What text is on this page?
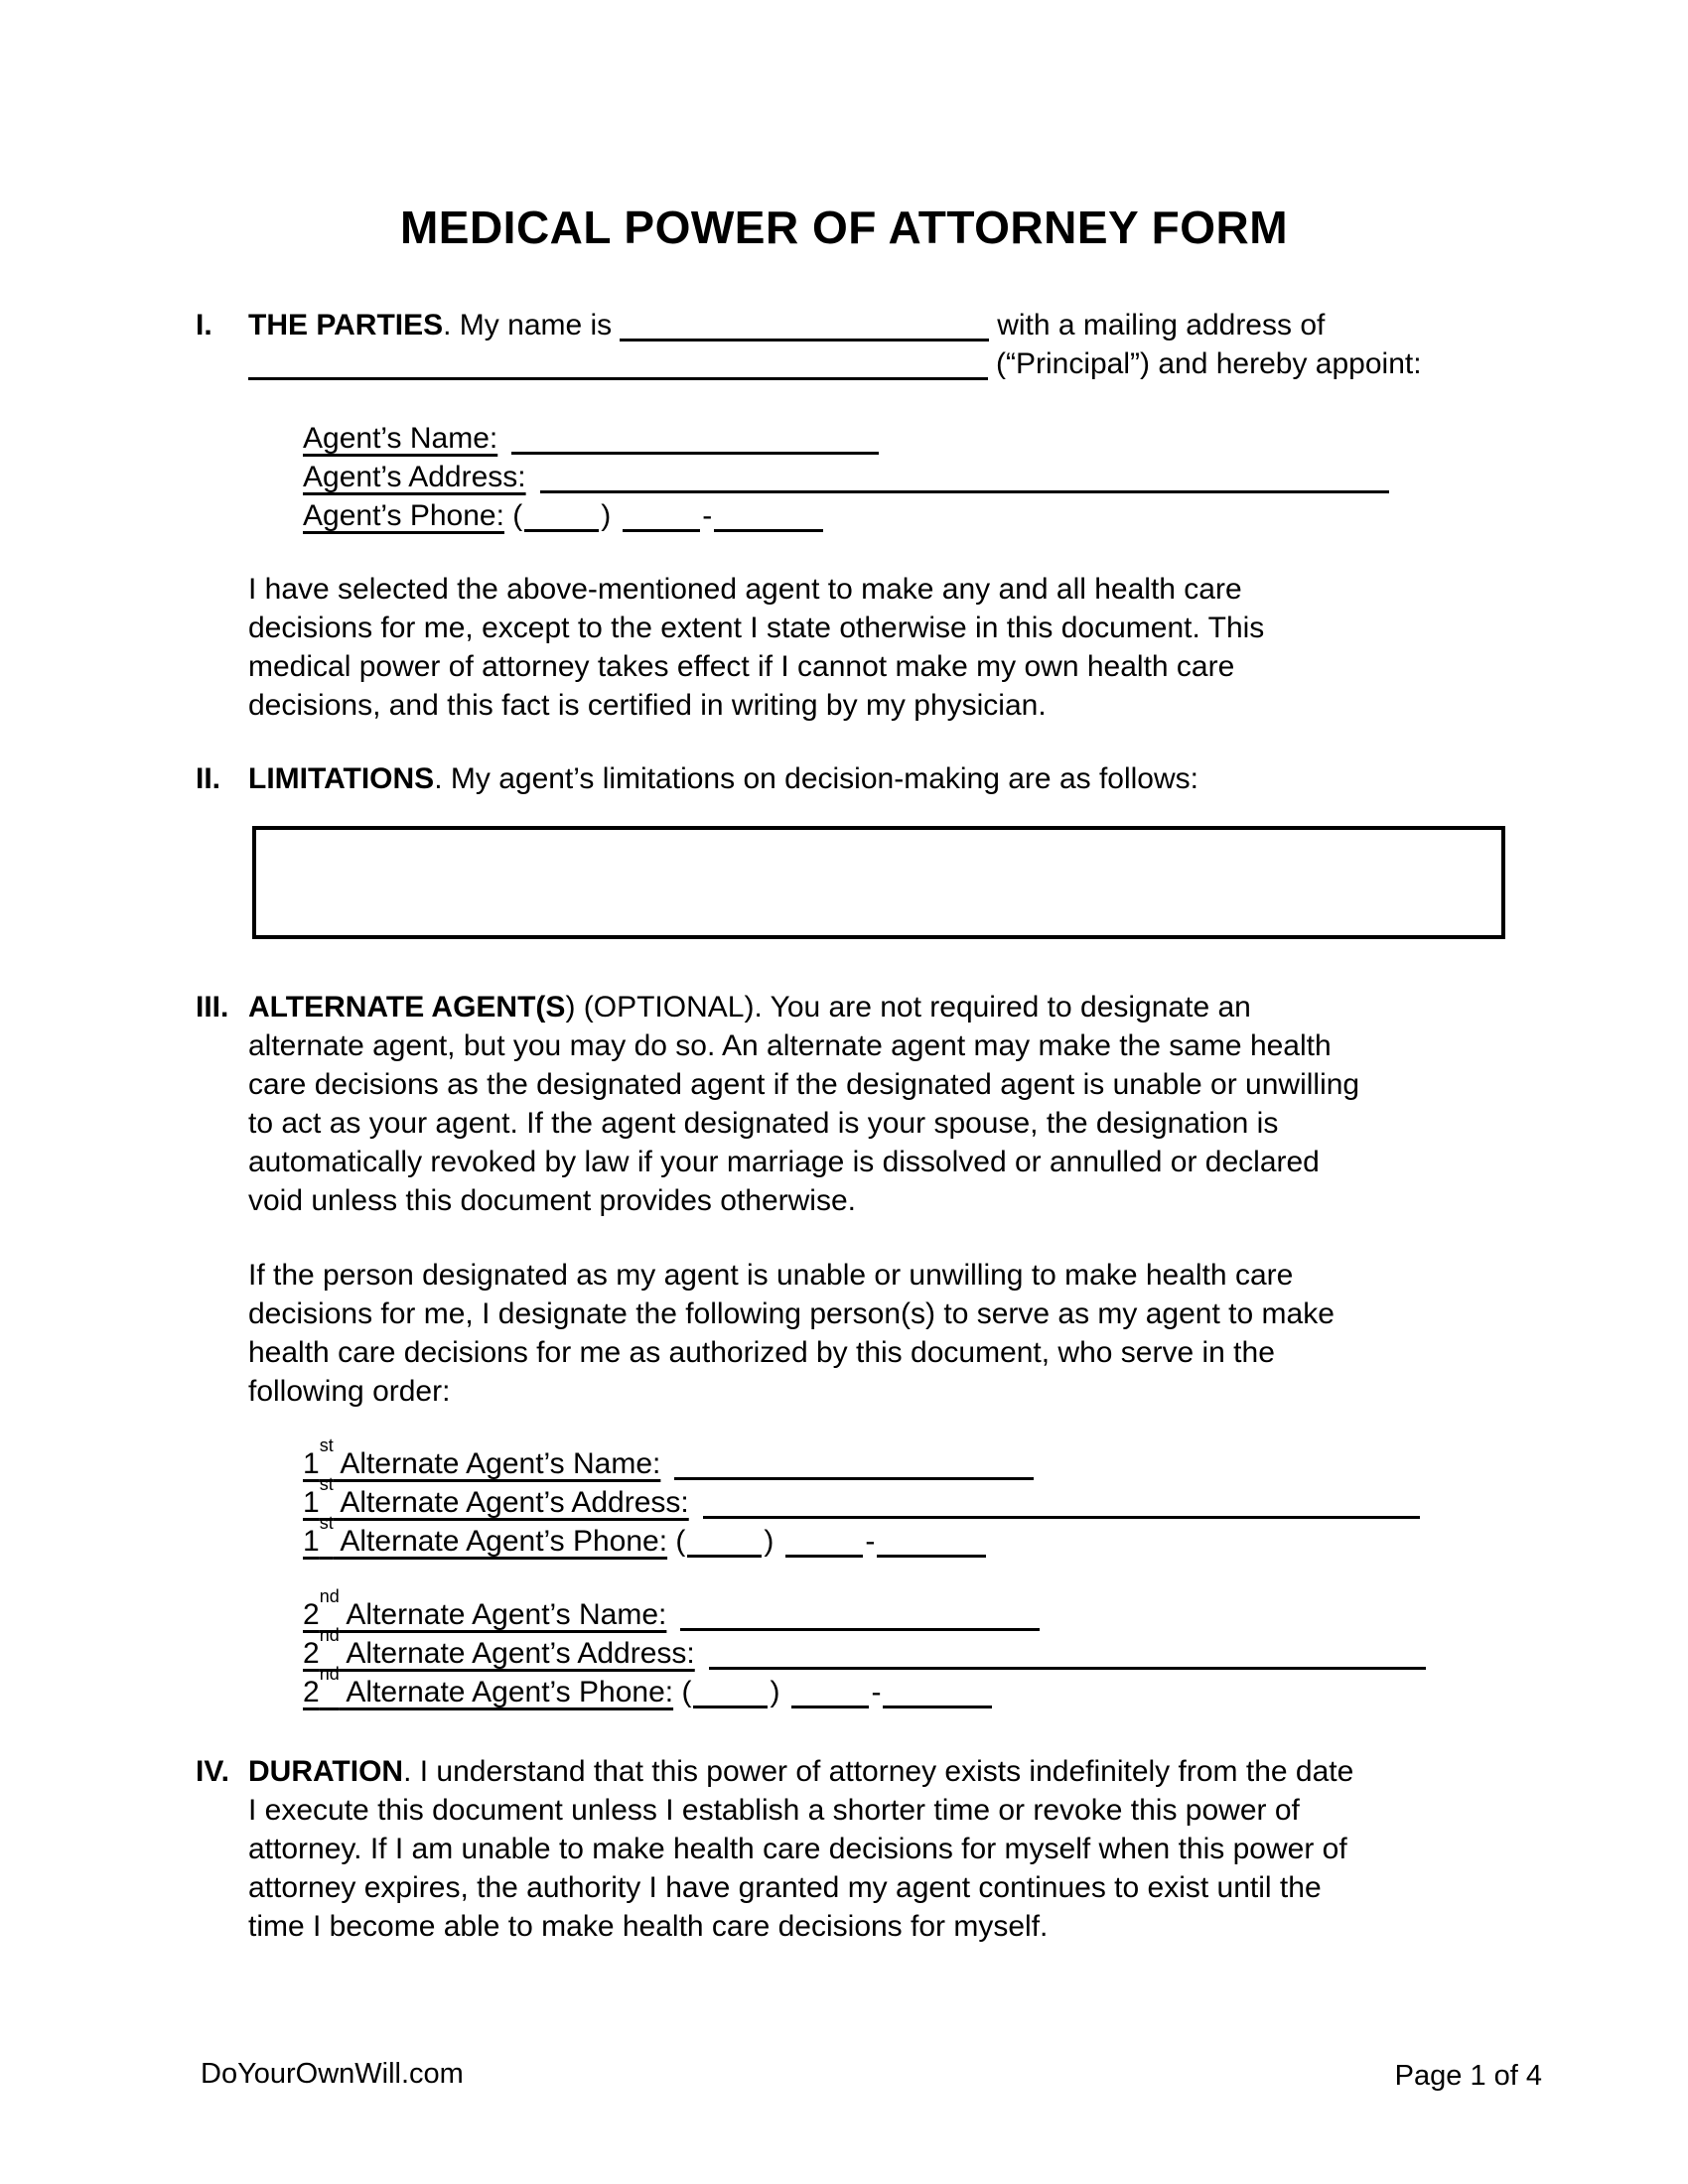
MEDICAL POWER OF ATTORNEY FORM
I. THE PARTIES. My name is	with a mailing address of
(“Principal”) and hereby appoint:
Agent’s Name:
Agent’s Address:
Agent’s Phone: (	)	-
I have selected the above-mentioned agent to make any and all health care
decisions for me, except to the extent I state otherwise in this document. This
medical power of attorney takes effect if I cannot make my own health care
decisions, and this fact is certified in writing by my physician.
II. LIMITATIONS. My agent’s limitations on decision-making are as follows:
III. ALTERNATE AGENT(S) (OPTIONAL). You are not required to designate an
alternate agent, but you may do so. An alternate agent may make the same health
care decisions as the designated agent if the designated agent is unable or unwilling
to act as your agent. If the agent designated is your spouse, the designation is
automatically revoked by law if your marriage is dissolved or annulled or declared
void unless this document provides otherwise.
If the person designated as my agent is unable or unwilling to make health care
decisions for me, I designate the following person(s) to serve as my agent to make
health care decisions for me as authorized by this document, who serve in the
following order:
1st Alternate Agent’s Name:
1st Alternate Agent’s Address:
1st Alternate Agent’s Phone: (	)	-
2nd Alternate Agent’s Name:
2nd Alternate Agent’s Address:
2nd Alternate Agent’s Phone: (	)	-
IV. DURATION. I understand that this power of attorney exists indefinitely from the date
I execute this document unless I establish a shorter time or revoke this power of
attorney. If I am unable to make health care decisions for myself when this power of
attorney expires, the authority I have granted my agent continues to exist until the
time I become able to make health care decisions for myself.
DoYourOwnWill.com	Page 1 of 4
